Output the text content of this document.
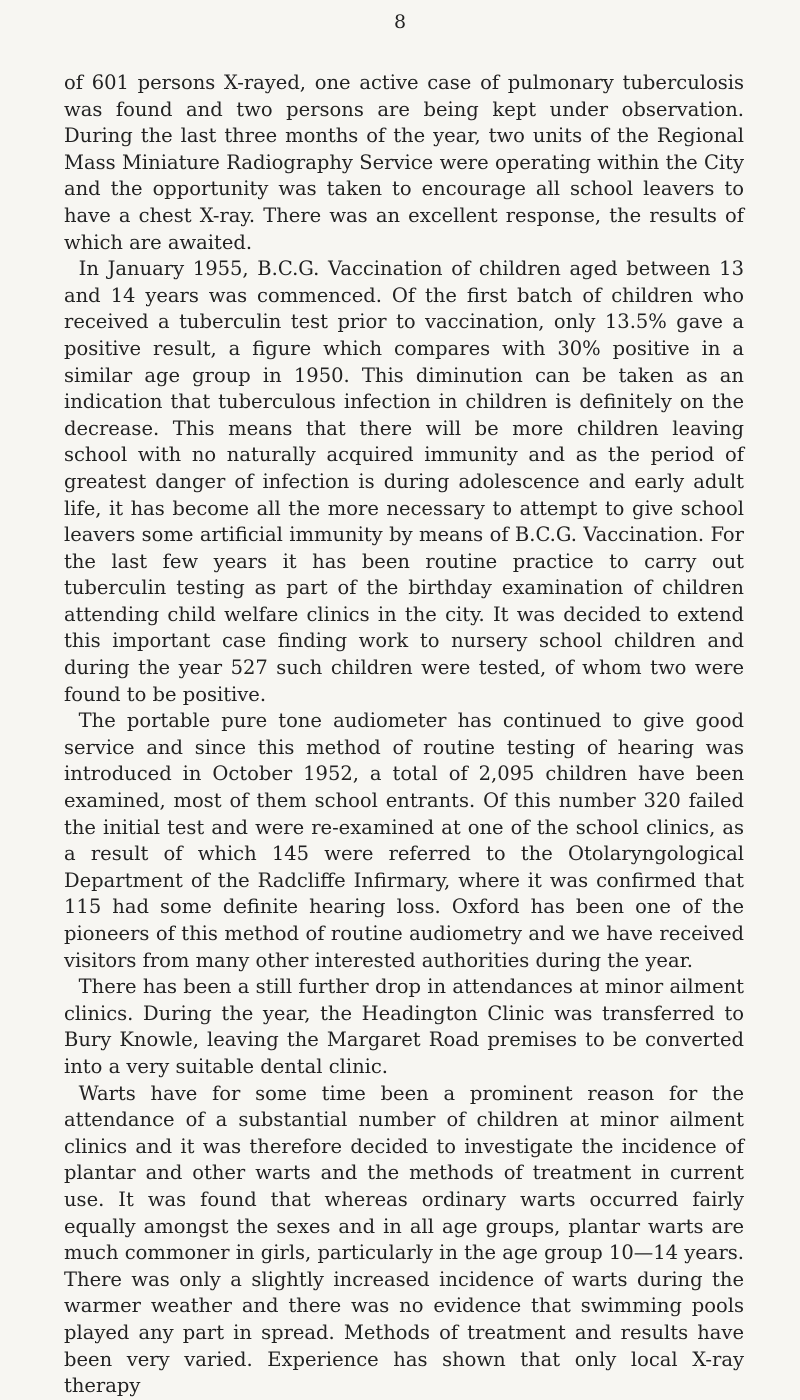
8

of 601 persons X-rayed, one active case of pulmonary tuberculosis was found and two persons are being kept under observation. During the last three months of the year, two units of the Regional Mass Miniature Radiography Service were operating within the City and the opportunity was taken to encourage all school leavers to have a chest X-ray. There was an excellent response, the results of which are awaited.

In January 1955, B.C.G. Vaccination of children aged between 13 and 14 years was commenced. Of the first batch of children who received a tuberculin test prior to vaccination, only 13.5% gave a positive result, a figure which compares with 30% positive in a similar age group in 1950. This diminution can be taken as an indication that tuberculous infection in children is definitely on the decrease. This means that there will be more children leaving school with no naturally acquired immunity and as the period of greatest danger of infection is during adolescence and early adult life, it has become all the more necessary to attempt to give school leavers some artificial immunity by means of B.C.G. Vaccination. For the last few years it has been routine practice to carry out tuberculin testing as part of the birthday examination of children attending child welfare clinics in the city. It was decided to extend this important case finding work to nursery school children and during the year 527 such children were tested, of whom two were found to be positive.

The portable pure tone audiometer has continued to give good service and since this method of routine testing of hearing was introduced in October 1952, a total of 2,095 children have been examined, most of them school entrants. Of this number 320 failed the initial test and were re-examined at one of the school clinics, as a result of which 145 were referred to the Otolaryngological Department of the Radcliffe Infirmary, where it was confirmed that 115 had some definite hearing loss. Oxford has been one of the pioneers of this method of routine audiometry and we have received visitors from many other interested authorities during the year.

There has been a still further drop in attendances at minor ailment clinics. During the year, the Headington Clinic was transferred to Bury Knowle, leaving the Margaret Road premises to be converted into a very suitable dental clinic.

Warts have for some time been a prominent reason for the attendance of a substantial number of children at minor ailment clinics and it was therefore decided to investigate the incidence of plantar and other warts and the methods of treatment in current use. It was found that whereas ordinary warts occurred fairly equally amongst the sexes and in all age groups, plantar warts are much commoner in girls, particularly in the age group 10—14 years. There was only a slightly increased incidence of warts during the warmer weather and there was no evidence that swimming pools played any part in spread. Methods of treatment and results have been very varied. Experience has shown that only local X-ray therapy
